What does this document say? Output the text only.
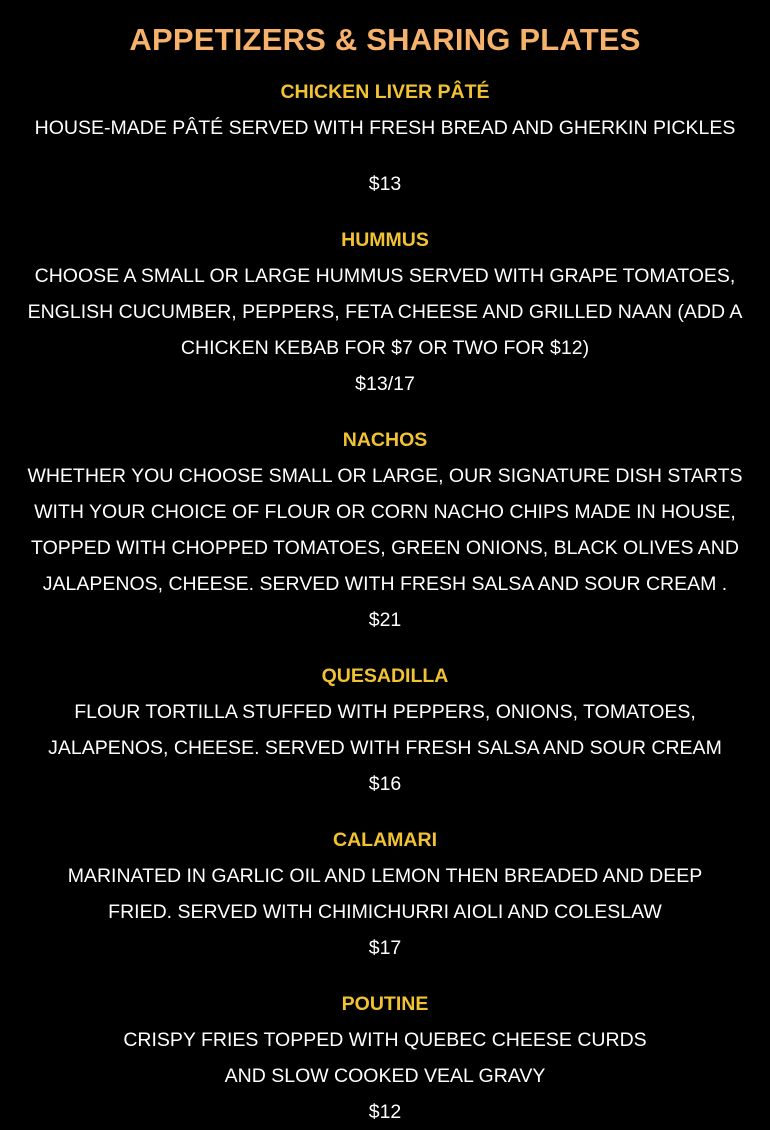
APPETIZERS & SHARING PLATES

CHICKEN LIVER PÂTÉ

HOUSE-MADE PÂTÉ SERVED WITH FRESH BREAD AND GHERKIN PICKLES

$13

HUMMUS

CHOOSE A SMALL OR LARGE HUMMUS SERVED WITH GRAPE TOMATOES, ENGLISH CUCUMBER, PEPPERS, FETA CHEESE AND GRILLED NAAN (ADD A CHICKEN KEBAB FOR $7 OR TWO FOR $12)

$13/17

NACHOS

WHETHER YOU CHOOSE SMALL OR LARGE, OUR SIGNATURE DISH STARTS WITH YOUR CHOICE OF FLOUR OR CORN NACHO CHIPS MADE IN HOUSE, TOPPED WITH CHOPPED TOMATOES, GREEN ONIONS, BLACK OLIVES AND JALAPENOS, CHEESE. SERVED WITH FRESH SALSA AND SOUR CREAM .

$21

QUESADILLA

FLOUR TORTILLA STUFFED WITH PEPPERS, ONIONS, TOMATOES, JALAPENOS, CHEESE. SERVED WITH FRESH SALSA AND SOUR CREAM

$16

CALAMARI

MARINATED IN GARLIC OIL AND LEMON THEN BREADED AND DEEP FRIED. SERVED WITH CHIMICHURRI AIOLI AND COLESLAW

$17

POUTINE

CRISPY FRIES TOPPED WITH QUEBEC CHEESE CURDS

AND SLOW COOKED VEAL GRAVY

$12
